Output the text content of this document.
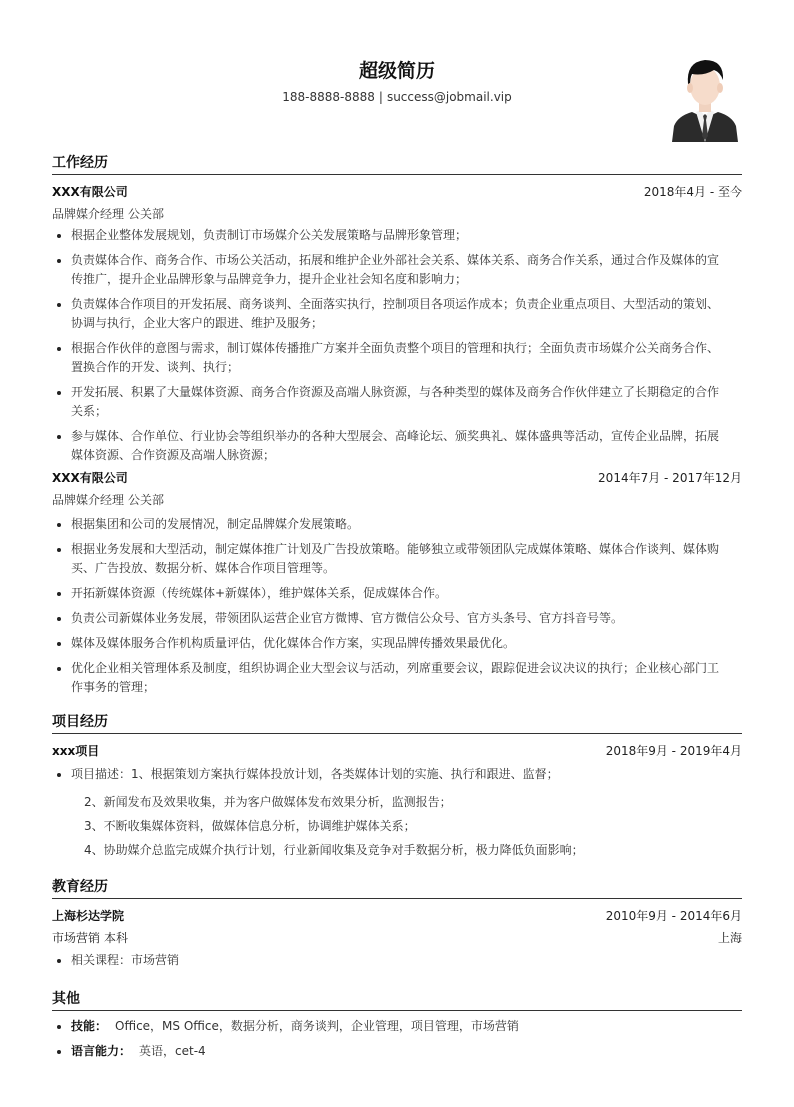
超级简历
188-8888-8888 | success@jobmail.vip
工作经历
XXX有限公司	2018年4月 - 至今
品牌媒介经理 公关部
根据企业整体发展规划，负责制订市场媒介公关发展策略与品牌形象管理；
负责媒体合作、商务合作、市场公关活动，拓展和维护企业外部社会关系、媒体关系、商务合作关系，通过合作及媒体的宣传推广，提升企业品牌形象与品牌竞争力，提升企业社会知名度和影响力；
负责媒体合作项目的开发拓展、商务谈判、全面落实执行，控制项目各项运作成本；负责企业重点项目、大型活动的策划、协调与执行，企业大客户的跟进、维护及服务；
根据合作伙伴的意图与需求，制订媒体传播推广方案并全面负责整个项目的管理和执行；全面负责市场媒介公关商务合作、置换合作的开发、谈判、执行；
开发拓展、积累了大量媒体资源、商务合作资源及高端人脉资源，与各种类型的媒体及商务合作伙伴建立了长期稳定的合作关系；
参与媒体、合作单位、行业协会等组织举办的各种大型展会、高峰论坛、颁奖典礼、媒体盛典等活动，宣传企业品牌，拓展媒体资源、合作资源及高端人脉资源；
XXX有限公司	2014年7月 - 2017年12月
品牌媒介经理 公关部
根据集团和公司的发展情况，制定品牌媒介发展策略。
根据业务发展和大型活动，制定媒体推广计划及广告投放策略。能够独立或带领团队完成媒体策略、媒体合作谈判、媒体购买、广告投放、数据分析、媒体合作项目管理等。
开拓新媒体资源（传统媒体+新媒体），维护媒体关系，促成媒体合作。
负责公司新媒体业务发展，带领团队运营企业官方微博、官方微信公众号、官方头条号、官方抖音号等。
媒体及媒体服务合作机构质量评估，优化媒体合作方案，实现品牌传播效果最优化。
优化企业相关管理体系及制度，组织协调企业大型会议与活动，列席重要会议，跟踪促进会议决议的执行；企业核心部门工作事务的管理；
项目经历
xxx项目	2018年9月 - 2019年4月
项目描述：1、根据策划方案执行媒体投放计划，各类媒体计划的实施、执行和跟进、监督；
2、新闻发布及效果收集，并为客户做媒体发布效果分析，监测报告；
3、不断收集媒体资料，做媒体信息分析，协调维护媒体关系；
4、协助媒介总监完成媒介执行计划，行业新闻收集及竞争对手数据分析，极力降低负面影响；
教育经历
上海杉达学院	2010年9月 - 2014年6月
市场营销 本科	上海
相关课程：市场营销
其他
技能： Office，MS Office，数据分析，商务谈判，企业管理，项目管理，市场营销
语言能力： 英语，cet-4
